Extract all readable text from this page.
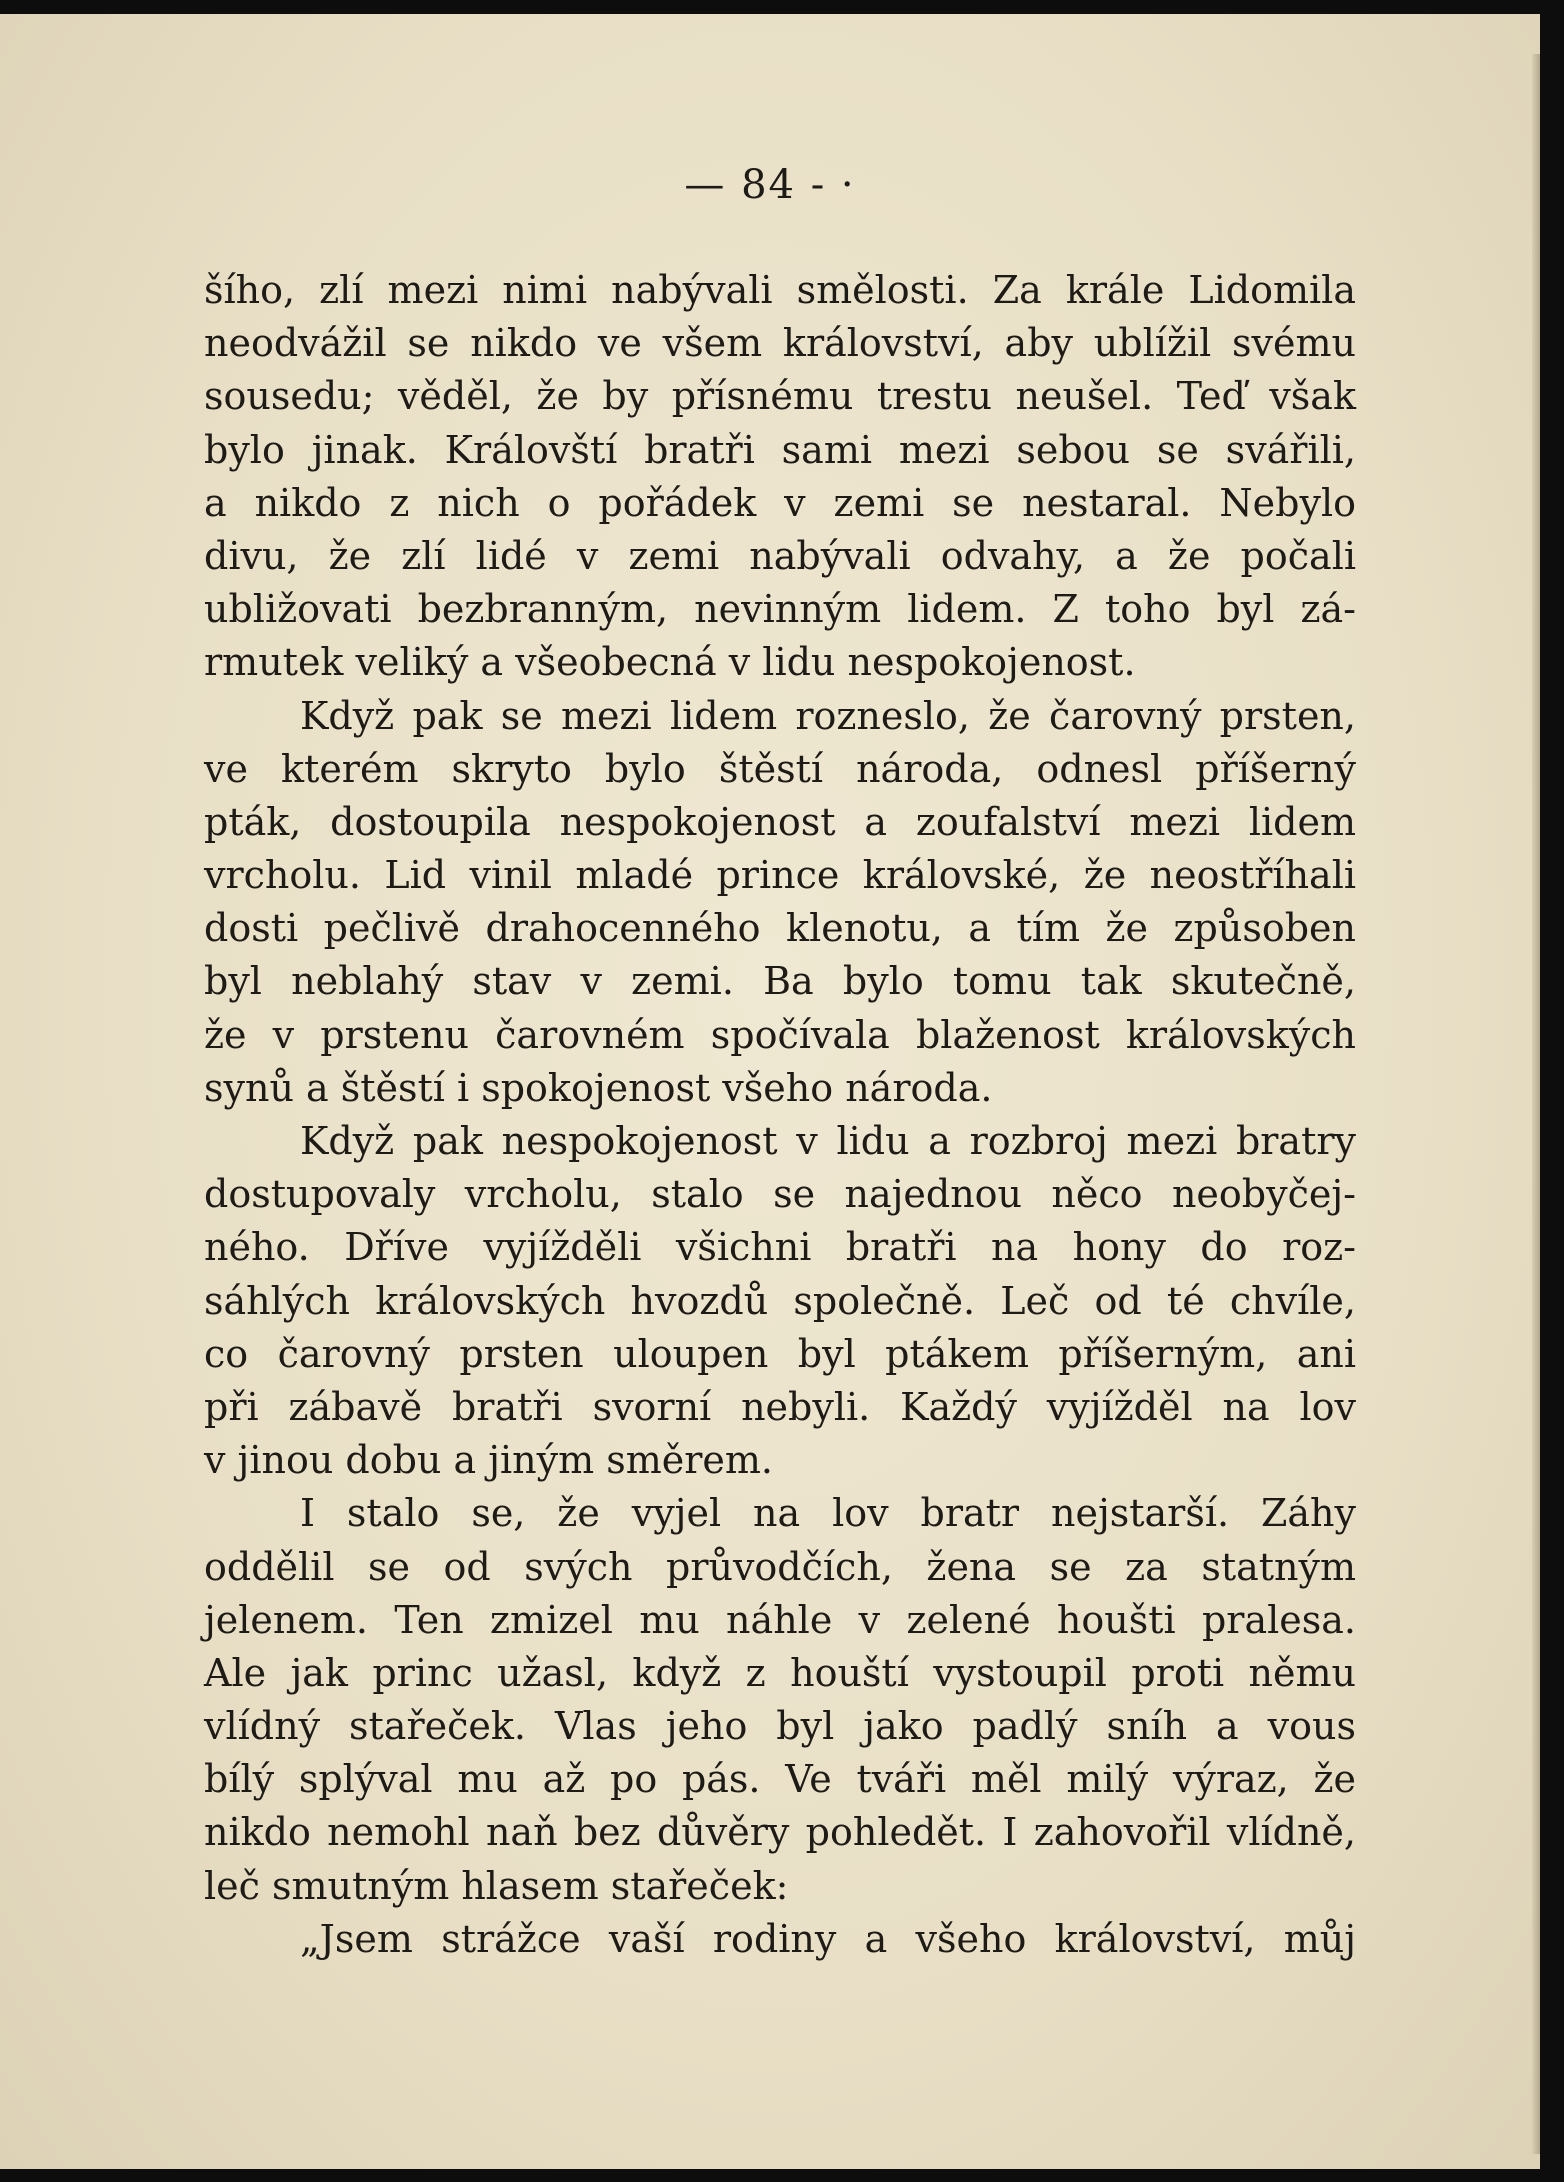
— 84 - ·
šího, zlí mezi nimi nabývali smělosti. Za krále Lidomila
neodvážil se nikdo ve všem království, aby ublížil svému
sousedu; věděl, že by přísnému trestu neušel. Teď však
bylo jinak. Královští bratři sami mezi sebou se svářili,
a nikdo z nich o pořádek v zemi se nestaral. Nebylo
divu, že zlí lidé v zemi nabývali odvahy, a že počali
ubližovati bezbranným, nevinným lidem. Z toho byl zá-
rmutek veliký a všeobecná v lidu nespokojenost.
Když pak se mezi lidem rozneslo, že čarovný prsten,
ve kterém skryto bylo štěstí národa, odnesl příšerný
pták, dostoupila nespokojenost a zoufalství mezi lidem
vrcholu. Lid vinil mladé prince královské, že neostříhali
dosti pečlivě drahocenného klenotu, a tím že způsoben
byl neblahý stav v zemi. Ba bylo tomu tak skutečně,
že v prstenu čarovném spočívala blaženost královských
synů a štěstí i spokojenost všeho národa.
Když pak nespokojenost v lidu a rozbroj mezi bratry
dostupovaly vrcholu, stalo se najednou něco neobyčej-
ného. Dříve vyjížděli všichni bratři na hony do roz-
sáhlých královských hvozdů společně. Leč od té chvíle,
co čarovný prsten uloupen byl ptákem příšerným, ani
při zábavě bratři svorní nebyli. Každý vyjížděl na lov
v jinou dobu a jiným směrem.
I stalo se, že vyjel na lov bratr nejstarší. Záhy
oddělil se od svých průvodčích, žena se za statným
jelenem. Ten zmizel mu náhle v zelené houšti pralesa.
Ale jak princ užasl, když z houští vystoupil proti němu
vlídný stařeček. Vlas jeho byl jako padlý sníh a vous
bílý splýval mu až po pás. Ve tváři měl milý výraz, že
nikdo nemohl naň bez důvěry pohledět. I zahovořil vlídně,
leč smutným hlasem stařeček:
„Jsem strážce vaší rodiny a všeho království, můj
